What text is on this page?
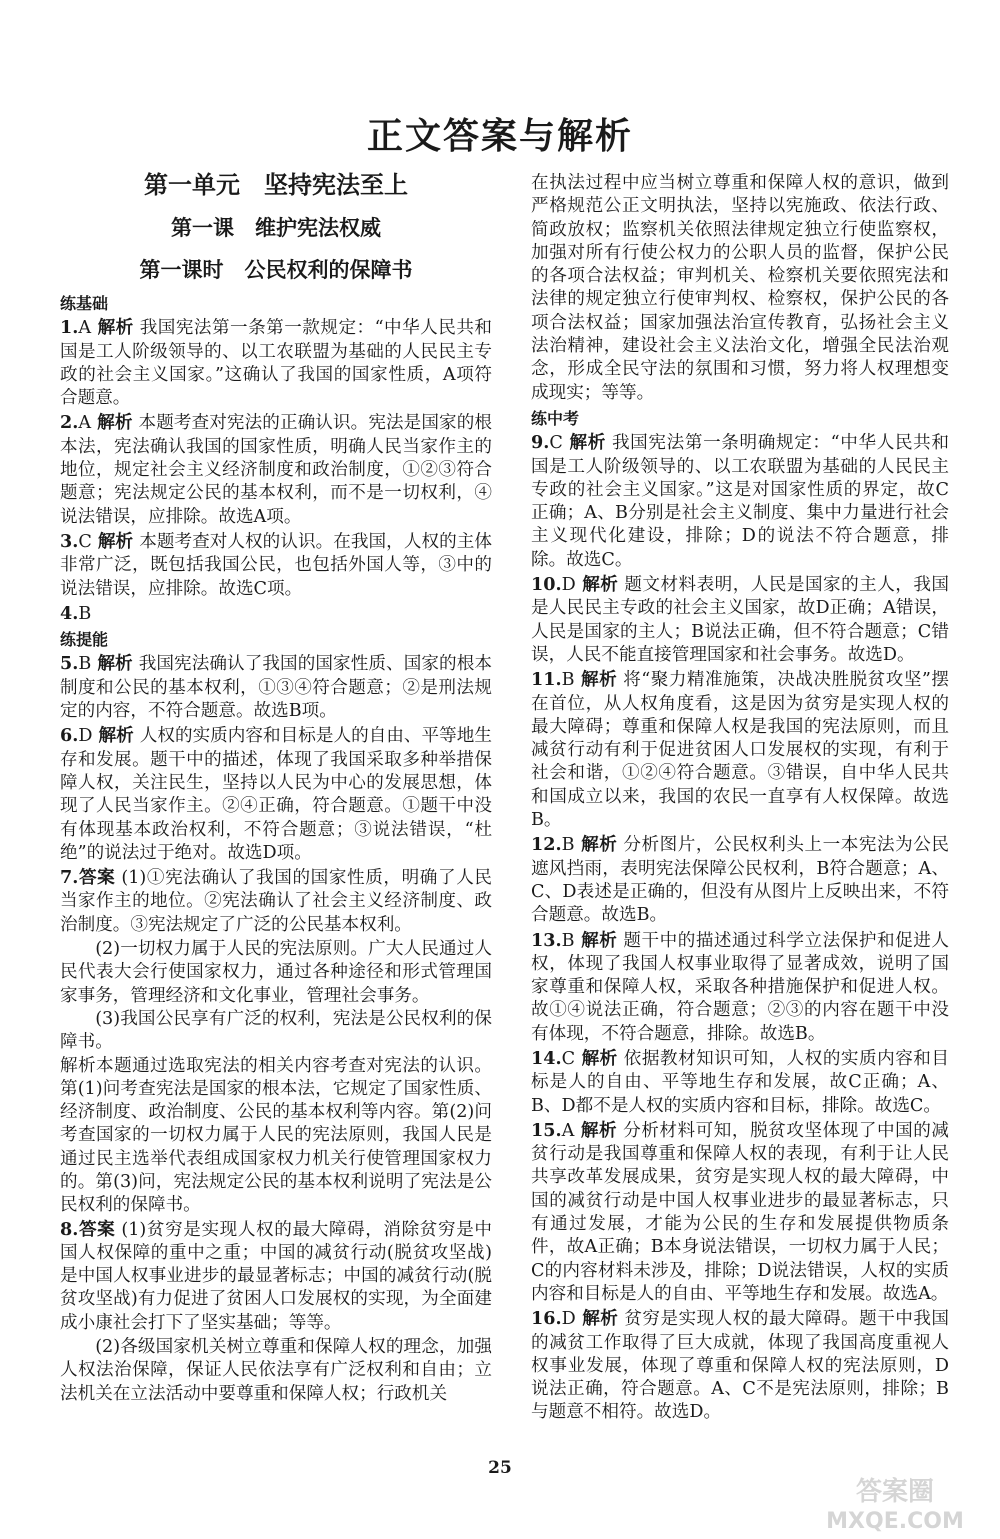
正文答案与解析
第一单元　坚持宪法至上
第一课　维护宪法权威
第一课时　公民权利的保障书
练基础

1.A 解析 我国宪法第一条第一款规定：“中华人民共和国是工人阶级领导的、以工农联盟为基础的人民民主专政的社会主义国家。”这确认了我国的国家性质，A项符合题意。

2.A 解析 本题考查对宪法的正确认识。宪法是国家的根本法，宪法确认我国的国家性质，明确人民当家作主的地位，规定社会主义经济制度和政治制度，①②③符合题意；宪法规定公民的基本权利，而不是一切权利，④说法错误，应排除。故选A项。

3.C 解析 本题考查对人权的认识。在我国，人权的主体非常广泛，既包括我国公民，也包括外国人等，③中的说法错误，应排除。故选C项。

4.B

练提能

5.B 解析 我国宪法确认了我国的国家性质、国家的根本制度和公民的基本权利，①③④符合题意；②是刑法规定的内容，不符合题意。故选B项。

6.D 解析 人权的实质内容和目标是人的自由、平等地生存和发展。题干中的描述，体现了我国采取多种举措保障人权，关注民生，坚持以人民为中心的发展思想，体现了人民当家作主。②④正确，符合题意。①题干中没有体现基本政治权利，不符合题意；③说法错误，“杜绝”的说法过于绝对。故选D项。

7.答案 (1)①宪法确认了我国的国家性质，明确了人民当家作主的地位。②宪法确认了社会主义经济制度、政治制度。③宪法规定了广泛的公民基本权利。

(2)一切权力属于人民的宪法原则。广大人民通过人民代表大会行使国家权力，通过各种途径和形式管理国家事务，管理经济和文化事业，管理社会事务。

(3)我国公民享有广泛的权利，宪法是公民权利的保障书。

解析本题通过选取宪法的相关内容考查对宪法的认识。第(1)问考查宪法是国家的根本法，它规定了国家性质、经济制度、政治制度、公民的基本权利等内容。第(2)问考查国家的一切权力属于人民的宪法原则，我国人民是通过民主选举代表组成国家权力机关行使管理国家权力的。第(3)问，宪法规定公民的基本权利说明了宪法是公民权利的保障书。

8.答案 (1)贫穷是实现人权的最大障碍，消除贫穷是中国人权保障的重中之重；中国的减贫行动(脱贫攻坚战)是中国人权事业进步的最显著标志；中国的减贫行动(脱贫攻坚战)有力促进了贫困人口发展权的实现，为全面建成小康社会打下了坚实基础；等等。

(2)各级国家机关树立尊重和保障人权的理念，加强人权法治保障，保证人民依法享有广泛权利和自由；立法机关在立法活动中要尊重和保障人权；行政机关

在执法过程中应当树立尊重和保障人权的意识，做到严格规范公正文明执法，坚持以宪施政、依法行政、简政放权；监察机关依照法律规定独立行使监察权，加强对所有行使公权力的公职人员的监督，保护公民的各项合法权益；审判机关、检察机关要依照宪法和法律的规定独立行使审判权、检察权，保护公民的各项合法权益；国家加强法治宣传教育，弘扬社会主义法治精神，建设社会主义法治文化，增强全民法治观念，形成全民守法的氛围和习惯，努力将人权理想变成现实；等等。

练中考

9.C 解析 我国宪法第一条明确规定：“中华人民共和国是工人阶级领导的、以工农联盟为基础的人民民主专政的社会主义国家。”这是对国家性质的界定，故C正确；A、B分别是社会主义制度、集中力量进行社会主义现代化建设，排除；D的说法不符合题意，排除。故选C。

10.D 解析 题文材料表明，人民是国家的主人，我国是人民民主专政的社会主义国家，故D正确；A错误，人民是国家的主人；B说法正确，但不符合题意；C错误，人民不能直接管理国家和社会事务。故选D。

11.B 解析 将“聚力精准施策，决战决胜脱贫攻坚”摆在首位，从人权角度看，这是因为贫穷是实现人权的最大障碍；尊重和保障人权是我国的宪法原则，而且减贫行动有利于促进贫困人口发展权的实现，有利于社会和谐，①②④符合题意。③错误，自中华人民共和国成立以来，我国的农民一直享有人权保障。故选B。

12.B 解析 分析图片，公民权利头上一本宪法为公民遮风挡雨，表明宪法保障公民权利，B符合题意；A、C、D表述是正确的，但没有从图片上反映出来，不符合题意。故选B。

13.B 解析 题干中的描述通过科学立法保护和促进人权，体现了我国人权事业取得了显著成效，说明了国家尊重和保障人权，采取各种措施保护和促进人权。故①④说法正确，符合题意；②③的内容在题干中没有体现，不符合题意，排除。故选B。

14.C 解析 依据教材知识可知，人权的实质内容和目标是人的自由、平等地生存和发展，故C正确；A、B、D都不是人权的实质内容和目标，排除。故选C。

15.A 解析 分析材料可知，脱贫攻坚体现了中国的减贫行动是我国尊重和保障人权的表现，有利于让人民共享改革发展成果，贫穷是实现人权的最大障碍，中国的减贫行动是中国人权事业进步的最显著标志，只有通过发展，才能为公民的生存和发展提供物质条件，故A正确；B本身说法错误，一切权力属于人民；C的内容材料未涉及，排除；D说法错误，人权的实质内容和目标是人的自由、平等地生存和发展。故选A。

16.D 解析 贫穷是实现人权的最大障碍。题干中我国的减贫工作取得了巨大成就，体现了我国高度重视人权事业发展，体现了尊重和保障人权的宪法原则，D说法正确，符合题意。A、C不是宪法原则，排除；B与题意不相符。故选D。

25
答案圈
MXQE.COM
